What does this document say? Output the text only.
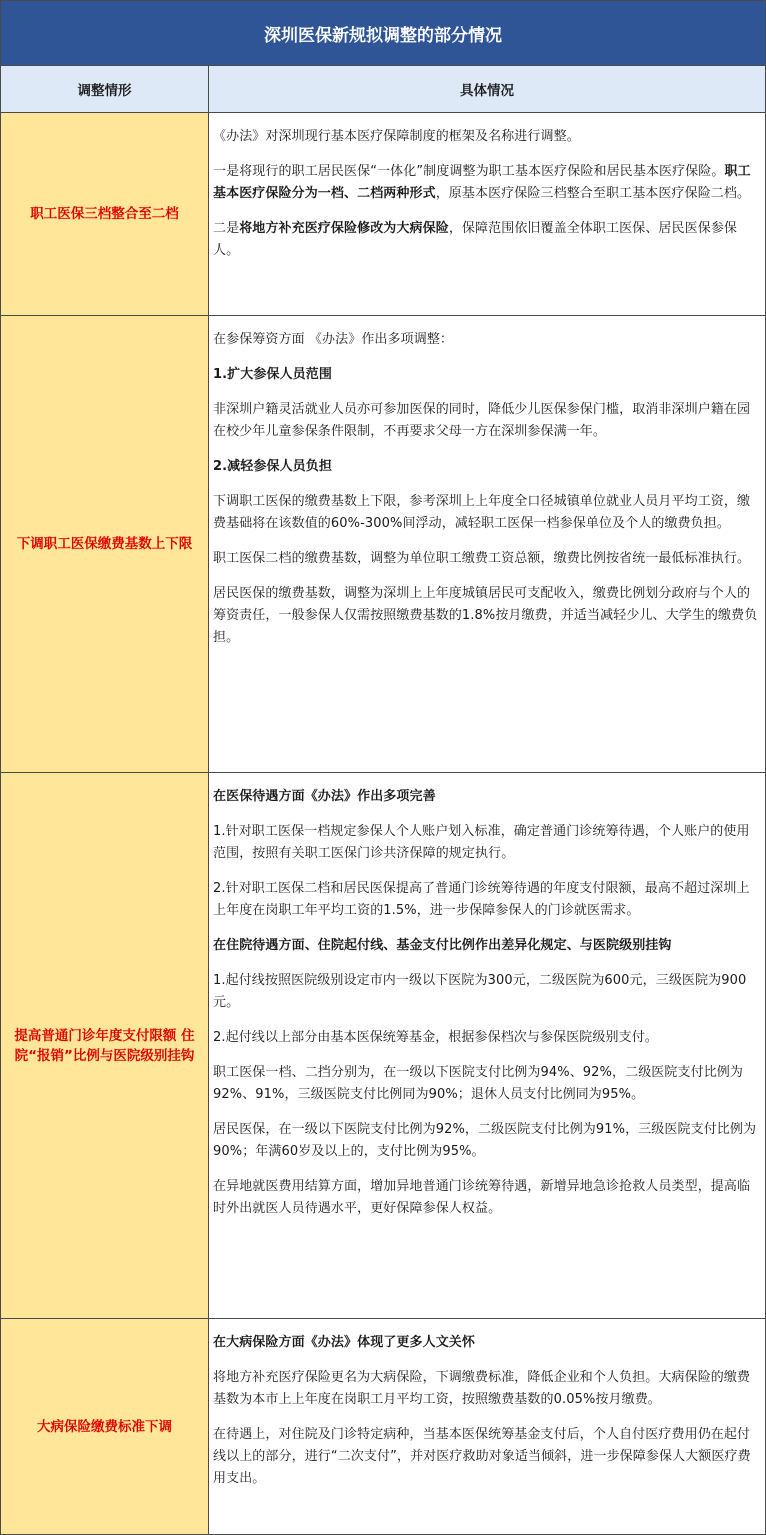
深圳医保新规拟调整的部分情况
调整情形	具体情况
职工医保三档整合至二档

《办法》对深圳现行基本医疗保障制度的框架及名称进行调整。

一是将现行的职工居民医保“一体化”制度调整为职工基本医疗保险和居民基本医疗保险。职工基本医疗保险分为一档、二档两种形式，原基本医疗保险三档整合至职工基本医疗保险二档。

二是将地方补充医疗保险修改为大病保险，保障范围依旧覆盖全体职工医保、居民医保参保人。

下调职工医保缴费基数上下限

在参保筹资方面 《办法》作出多项调整：

1.扩大参保人员范围

非深圳户籍灵活就业人员亦可参加医保的同时，降低少儿医保参保门槛，取消非深圳户籍在园在校少年儿童参保条件限制，不再要求父母一方在深圳参保满一年。

2.减轻参保人员负担

下调职工医保的缴费基数上下限，参考深圳上上年度全口径城镇单位就业人员月平均工资，缴费基础将在该数值的60%-300%间浮动，减轻职工医保一档参保单位及个人的缴费负担。

职工医保二档的缴费基数，调整为单位职工缴费工资总额，缴费比例按省统一最低标准执行。

居民医保的缴费基数，调整为深圳上上年度城镇居民可支配收入，缴费比例划分政府与个人的筹资责任，一般参保人仅需按照缴费基数的1.8%按月缴费，并适当减轻少儿、大学生的缴费负担。

提高普通门诊年度支付限额 住院“报销”比例与医院级别挂钩

在医保待遇方面《办法》作出多项完善

1.针对职工医保一档规定参保人个人账户划入标准，确定普通门诊统筹待遇，个人账户的使用范围，按照有关职工医保门诊共济保障的规定执行。

2.针对职工医保二档和居民医保提高了普通门诊统筹待遇的年度支付限额，最高不超过深圳上上年度在岗职工年平均工资的1.5%，进一步保障参保人的门诊就医需求。

在住院待遇方面、住院起付线、基金支付比例作出差异化规定、与医院级别挂钩

1.起付线按照医院级别设定市内一级以下医院为300元，二级医院为600元，三级医院为900元。

2.起付线以上部分由基本医保统筹基金，根据参保档次与参保医院级别支付。

职工医保一档、二挡分别为，在一级以下医院支付比例为94%、92%，二级医院支付比例为92%、91%，三级医院支付比例同为90%；退休人员支付比例同为95%。

居民医保，在一级以下医院支付比例为92%，二级医院支付比例为91%，三级医院支付比例为90%；年满60岁及以上的，支付比例为95%。

在异地就医费用结算方面，增加异地普通门诊统筹待遇，新增异地急诊抢救人员类型，提高临时外出就医人员待遇水平，更好保障参保人权益。

大病保险缴费标准下调

在大病保险方面《办法》体现了更多人文关怀

将地方补充医疗保险更名为大病保险，下调缴费标准，降低企业和个人负担。大病保险的缴费基数为本市上上年度在岗职工月平均工资，按照缴费基数的0.05%按月缴费。

在待遇上，对住院及门诊特定病种，当基本医保统筹基金支付后，个人自付医疗费用仍在起付线以上的部分，进行“二次支付”，并对医疗救助对象适当倾斜，进一步保障参保人大额医疗费用支出。
